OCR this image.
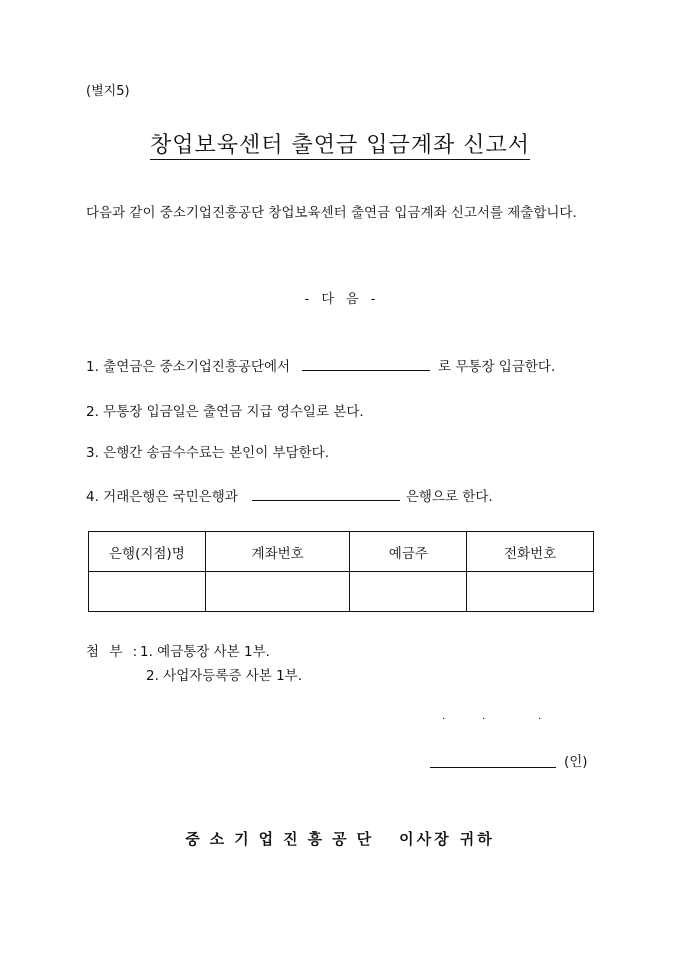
(별지5)
창업보육센터 출연금 입금계좌 신고서
다음과 같이 중소기업진흥공단 창업보육센터 출연금 입금계좌 신고서를 제출합니다.
- 다 음 -
1. 출연금은 중소기업진흥공단에서	로 무통장 입금한다.
2. 무통장 입금일은 출연금 지급 영수일로 본다.
3. 은행간 송금수수료는 본인이 부담한다.
4. 거래은행은 국민은행과	은행으로 한다.
은행(지점)명	계좌번호	예금주	전화번호

첨 부 : 1. 예금통장 사본 1부.
2. 사업자등록증 사본 1부.
.	.	.
(인)
중소기업진흥공단 이사장 귀하
